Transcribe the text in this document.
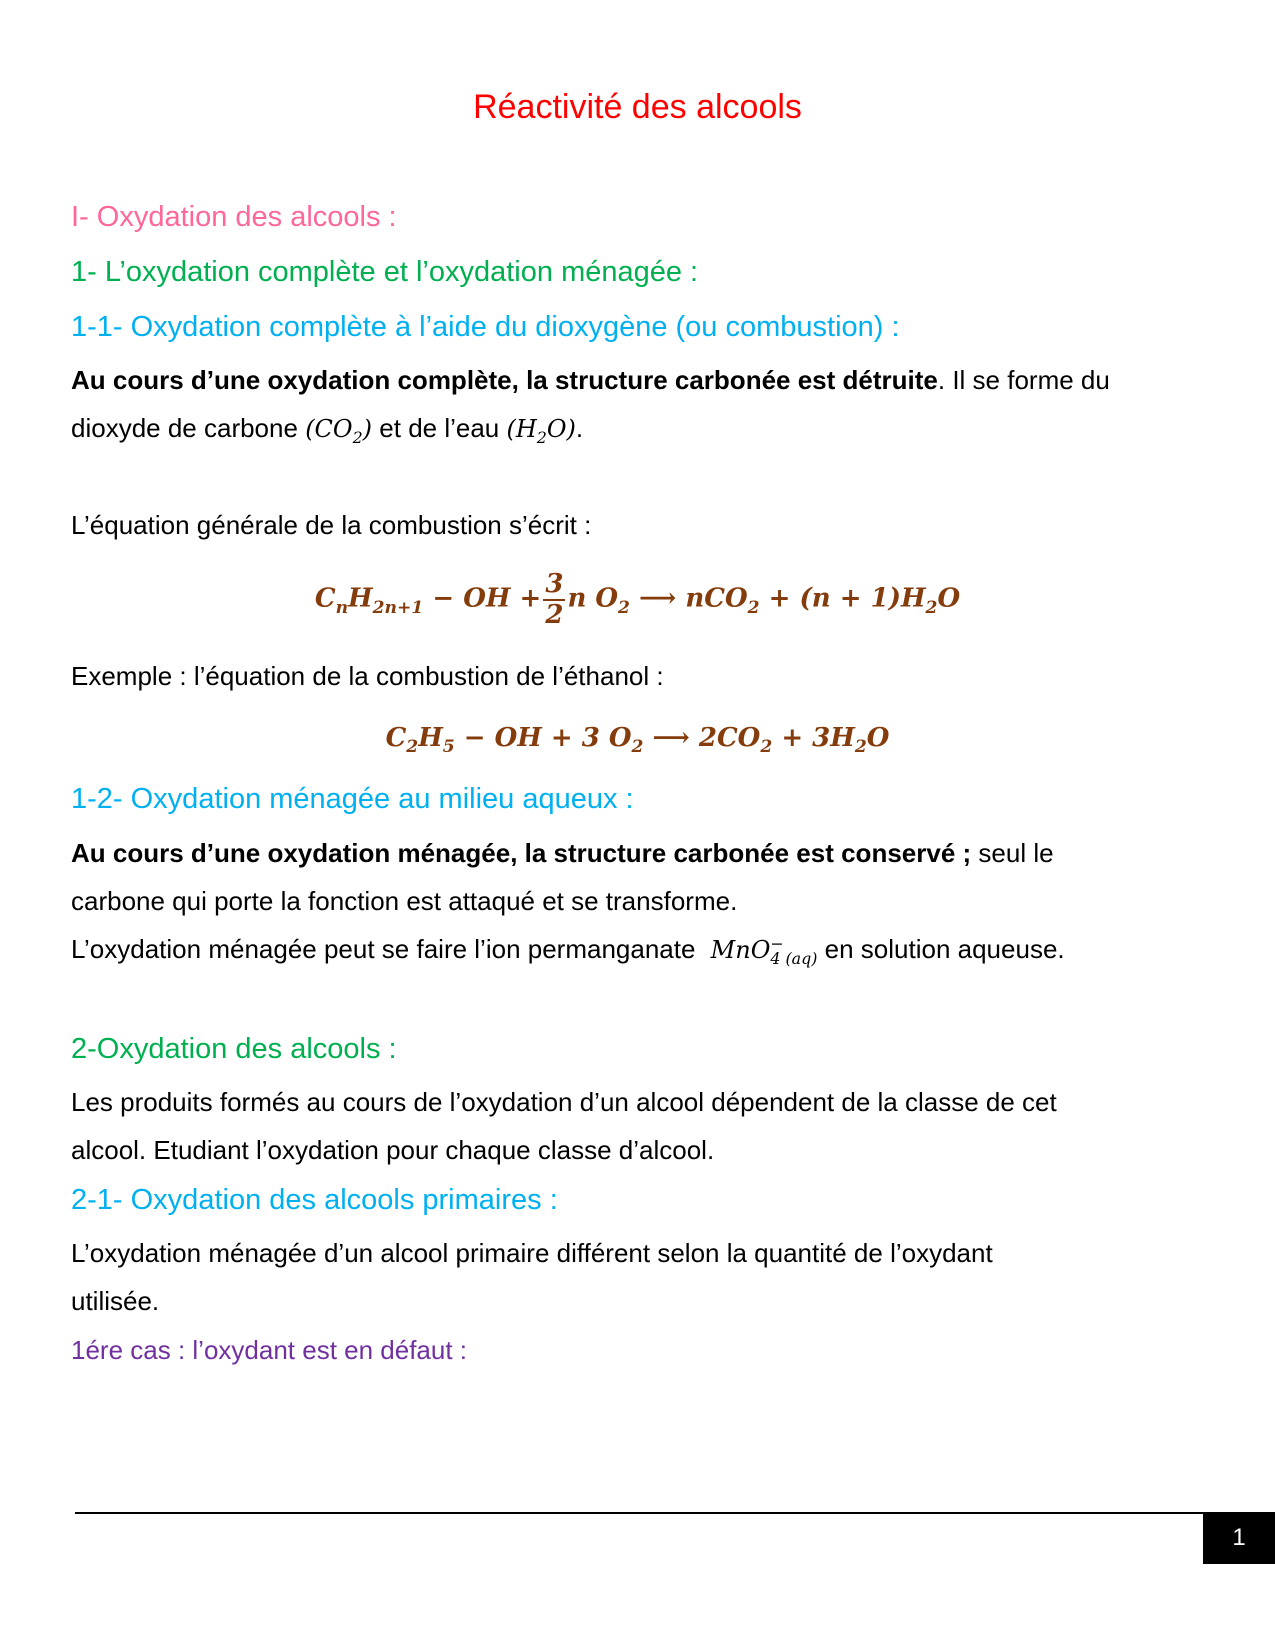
Réactivité des alcools
I- Oxydation des alcools :
1- L’oxydation complète et l’oxydation ménagée :
1-1- Oxydation complète à l’aide du dioxygène (ou combustion) :
Au cours d’une oxydation complète, la structure carbonée est détruite. Il se forme du
dioxyde de carbone $(CO_2)$ et de l’eau $(H_2O)$.
L’équation générale de la combustion s’écrit :
$C_nH_{2n+1}$ − OH + $\frac{3}{2}$ n $O_2$ ⟶ $nCO_2 + (n + 1)H_2O$
Exemple : l’équation de la combustion de l’éthanol :
$C_2H_5$ − OH + 3 $O_2$ ⟶ $2CO_2 + 3H_2O$
1-2- Oxydation ménagée au milieu aqueux :
Au cours d’une oxydation ménagée, la structure carbonée est conservé ; seul le
carbone qui porte la fonction est attaqué et se transforme.
L’oxydation ménagée peut se faire l’ion permanganate MnO −
4 (aq) en solution aqueuse.
2-Oxydation des alcools :
Les produits formés au cours de l’oxydation d’un alcool dépendent de la classe de cet
alcool. Etudiant l’oxydation pour chaque classe d’alcool.
2-1- Oxydation des alcools primaires :
L’oxydation ménagée d’un alcool primaire différent selon la quantité de l’oxydant
utilisée.
1ére cas : l’oxydant est en défaut :
1
